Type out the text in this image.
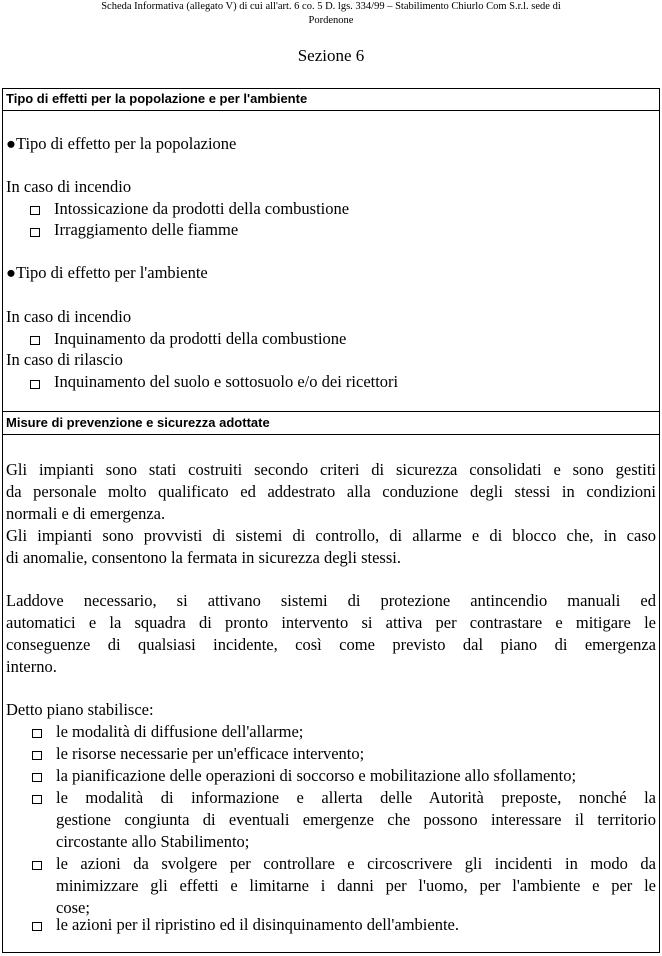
Scheda Informativa (allegato V) di cui all'art. 6 co. 5 D. lgs. 334/99 – Stabilimento Chiurlo Com S.r.l. sede di
Pordenone
Sezione 6
Tipo di effetti per la popolazione e per l'ambiente
●Tipo di effetto per la popolazione
In caso di incendio
Intossicazione da prodotti della combustione
Irraggiamento delle fiamme
●Tipo di effetto per l'ambiente
In caso di incendio
Inquinamento da prodotti della combustione
In caso di rilascio
Inquinamento del suolo e sottosuolo e/o dei ricettori
Misure di prevenzione e sicurezza adottate
Gli impianti sono stati costruiti secondo criteri di sicurezza consolidati e sono gestiti
da personale molto qualificato ed addestrato alla conduzione degli stessi in condizioni
normali e di emergenza.
Gli impianti sono provvisti di sistemi di controllo, di allarme e di blocco che, in caso
di anomalie, consentono la fermata in sicurezza degli stessi.
Laddove necessario, si attivano sistemi di protezione antincendio manuali ed
automatici e la squadra di pronto intervento si attiva per contrastare e mitigare le
conseguenze di qualsiasi incidente, così come previsto dal piano di emergenza
interno.
Detto piano stabilisce:
le modalità di diffusione dell'allarme;
le risorse necessarie per un'efficace intervento;
la pianificazione delle operazioni di soccorso e mobilitazione allo sfollamento;
le modalità di informazione e allerta delle Autorità preposte, nonché la
gestione congiunta di eventuali emergenze che possono interessare il territorio
circostante allo Stabilimento;
le azioni da svolgere per controllare e circoscrivere gli incidenti in modo da
minimizzare gli effetti e limitarne i danni per l'uomo, per l'ambiente e per le
cose;
le azioni per il ripristino ed il disinquinamento dell'ambiente.
